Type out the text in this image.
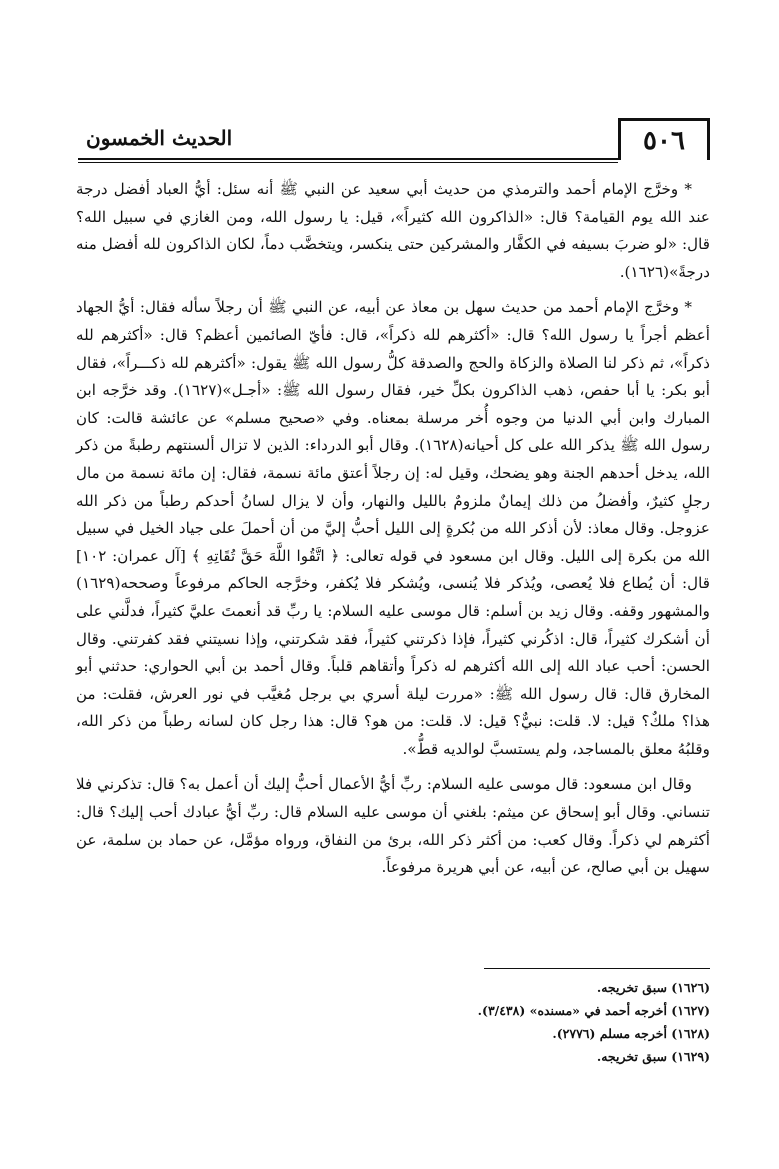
٥٠٦
الحديث الخمسون

* وخرَّج الإمام أحمد والترمذي من حديث أبي سعيد عن النبي ﷺ أنه سئل: أيُّ العباد أفضل درجة عند الله يوم القيامة؟ قال: «الذاكرون الله كثيراً»، قيل: يا رسول الله، ومن الغازي في سبيل الله؟ قال: «لو ضربَ بسيفه في الكفَّار والمشركين حتى ينكسر، ويتخضَّب دماً، لكان الذاكرون لله أفضل منه درجةً»(١٦٢٦).

* وخرَّج الإمام أحمد من حديث سهل بن معاذ عن أبيه، عن النبي ﷺ أن رجلاً سأله فقال: أيُّ الجهاد أعظم أجراً يا رسول الله؟ قال: «أكثرهم لله ذكراً»، قال: فأيّ الصائمين أعظم؟ قال: «أكثرهم لله ذكراً»، ثم ذكر لنا الصلاة والزكاة والحج والصدقة كلُّ رسول الله ﷺ يقول: «أكثرهم لله ذكـــراً»، فقال أبو بكر: يا أبا حفص، ذهب الذاكرون بكلِّ خير، فقال رسول الله ﷺ: «أجـل»(١٦٢٧). وقد خرَّجه ابن المبارك وابن أبي الدنيا من وجوه أُخر مرسلة بمعناه. وفي «صحيح مسلم» عن عائشة قالت: كان رسول الله ﷺ يذكر الله على كل أحيانه(١٦٢٨). وقال أبو الدرداء: الذين لا تزال ألسنتهم رطبةً من ذكر الله، يدخل أحدهم الجنة وهو يضحك، وقيل له: إن رجلاً أعتق مائة نسمة، فقال: إن مائة نسمة من مال رجلٍ كثيرٌ، وأفضلُ من ذلك إيمانٌ ملزومٌ بالليل والنهار، وأن لا يزال لسانُ أحدكم رطباً من ذكر الله عزوجل. وقال معاذ: لأن أذكر الله من بُكرةٍ إلى الليل أحبُّ إليَّ من أن أحملَ على جياد الخيل في سبيل الله من بكرة إلى الليل. وقال ابن مسعود في قوله تعالى: ﴿ اتَّقُوا اللَّهَ حَقَّ تُقَاتِهِ ﴾ [آل عمران: ١٠٢] قال: أن يُطاع فلا يُعصى، ويُذكر فلا يُنسى، ويُشكر فلا يُكفر، وخرَّجه الحاكم مرفوعاً وصححه(١٦٢٩) والمشهور وقفه. وقال زيد بن أسلم: قال موسى عليه السلام: يا ربِّ قد أنعمتَ عليَّ كثيراً، فدلَّني على أن أشكرك كثيراً، قال: اذكُرني كثيراً، فإذا ذكرتني كثيراً، فقد شكرتني، وإذا نسيتني فقد كفرتني. وقال الحسن: أحب عباد الله إلى الله أكثرهم له ذكراً وأتقاهم قلباً. وقال أحمد بن أبي الحواري: حدثني أبو المخارق قال: قال رسول الله ﷺ: «مررت ليلة أسري بي برجل مُغيَّب في نور العرش، فقلت: من هذا؟ ملكٌ؟ قيل: لا. قلت: نبيٌّ؟ قيل: لا. قلت: من هو؟ قال: هذا رجل كان لسانه رطباً من ذكر الله، وقلبُهُ معلق بالمساجد، ولم يستسبَّ لوالديه قطُّ».

وقال ابن مسعود: قال موسى عليه السلام: ربِّ أيُّ الأعمال أحبُّ إليك أن أعمل به؟ قال: تذكرني فلا تنساني. وقال أبو إسحاق عن ميثم: بلغني أن موسى عليه السلام قال: ربِّ أيُّ عبادك أحب إليك؟ قال: أكثرهم لي ذكراً. وقال كعب: من أكثر ذكر الله، برئ من النفاق، ورواه مؤمَّل، عن حماد بن سلمة، عن سهيل بن أبي صالح، عن أبيه، عن أبي هريرة مرفوعاً.

(١٦٢٦) سبق تخريجه.
(١٦٢٧) أخرجه أحمد في «مسنده» (٣/٤٣٨).
(١٦٢٨) أخرجه مسلم (٢٧٧٦).
(١٦٢٩) سبق تخريجه.
